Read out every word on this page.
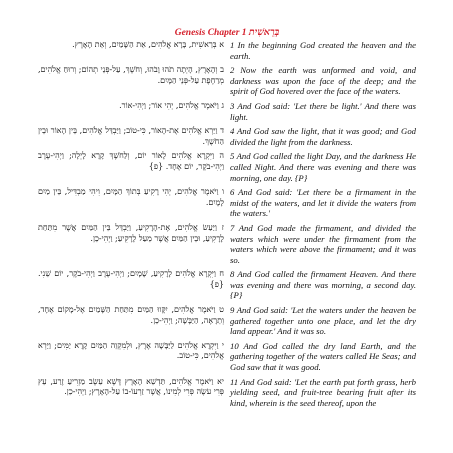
Genesis Chapter 1 בְּרֵאשִׁית
א בְּרֵאשִׁית, בָּרָא אֱלֹהִים, אֵת הַשָּׁמַיִם, וְאֵת הָאָרֶץ. 1 In the beginning God created the heaven and the earth.
ב וְהָאָרֶץ, הָיְתָה תֹהוּ וָבֹהוּ, וְחֹשֶׁךְ, עַל-פְּנֵי תְהוֹם; וְרוּחַ אֱלֹהִים, מְרַחֶפֶת עַל-פְּנֵי הַמָּיִם.
2 Now the earth was unformed and void, and darkness was upon the face of the deep; and the spirit of God hovered over the face of the waters.
ג וַיֹּאמֶר אֱלֹהִים, יְהִי אוֹר; וַיְהִי-אוֹר. 3 And God said: 'Let there be light.' And there was light.
ד וַיַּרְא אֱלֹהִים אֶת-הָאוֹר, כִּי-טוֹב; וַיַּבְדֵּל אֱלֹהִים, בֵּין הָאוֹר וּבֵין הַחֹשֶׁךְ.
4 And God saw the light, that it was good; and God divided the light from the darkness.
ה וַיִּקְרָא אֱלֹהִים לָאוֹר יוֹם, וְלַחֹשֶׁךְ קָרָא לָיְלָה; וַיְהִי-עֶרֶב וַיְהִי-בֹקֶר, יוֹם אֶחָד. {פ}
5 And God called the light Day, and the darkness He called Night. And there was evening and there was morning, one day. {P}
ו וַיֹּאמֶר אֱלֹהִים, יְהִי רָקִיעַ בְּתוֹךְ הַמָּיִם, וִיהִי מַבְדִּיל, בֵּין מַיִם לָמָיִם.
6 And God said: 'Let there be a firmament in the midst of the waters, and let it divide the waters from the waters.'
ז וַיַּעַשׂ אֱלֹהִים, אֶת-הָרָקִיעַ, וַיַּבְדֵּל בֵּין הַמַּיִם אֲשֶׁר מִתַּחַת לָרָקִיעַ, וּבֵין הַמַּיִם אֲשֶׁר מֵעַל לָרָקִיעַ; וַיְהִי-כֵן.
7 And God made the firmament, and divided the waters which were under the firmament from the waters which were above the firmament; and it was so.
ח וַיִּקְרָא אֱלֹהִים לָרָקִיעַ, שָׁמָיִם; וַיְהִי-עֶרֶב וַיְהִי-בֹקֶר, יוֹם שֵׁנִי. {פ}
8 And God called the firmament Heaven. And there was evening and there was morning, a second day. {P}
ט וַיֹּאמֶר אֱלֹהִים, יִקָּווּ הַמַּיִם מִתַּחַת הַשָּׁמַיִם אֶל-מָקוֹם אֶחָד, וְתֵרָאֶה, הַיַּבָּשָׁה; וַיְהִי-כֵן.
9 And God said: 'Let the waters under the heaven be gathered together unto one place, and let the dry land appear.' And it was so.
י וַיִּקְרָא אֱלֹהִים לַיַּבָּשָׁה אֶרֶץ, וּלְמִקְוֵה הַמַּיִם קָרָא יַמִּים; וַיַּרְא אֱלֹהִים, כִּי-טוֹב.
10 And God called the dry land Earth, and the gathering together of the waters called He Seas; and God saw that it was good.
יא וַיֹּאמֶר אֱלֹהִים, תַּדְשֵׁא הָאָרֶץ דֶּשֶׁא עֵשֶׂב מַזְרִיעַ זֶרַע, עֵץ פְּרִי עֹשֶׂה פְּרִי לְמִינוֹ, אֲשֶׁר זַרְעוֹ-בוֹ עַל-הָאָרֶץ; וַיְהִי-כֵן.
11 And God said: 'Let the earth put forth grass, herb yielding seed, and fruit-tree bearing fruit after its kind, wherein is the seed thereof, upon the
